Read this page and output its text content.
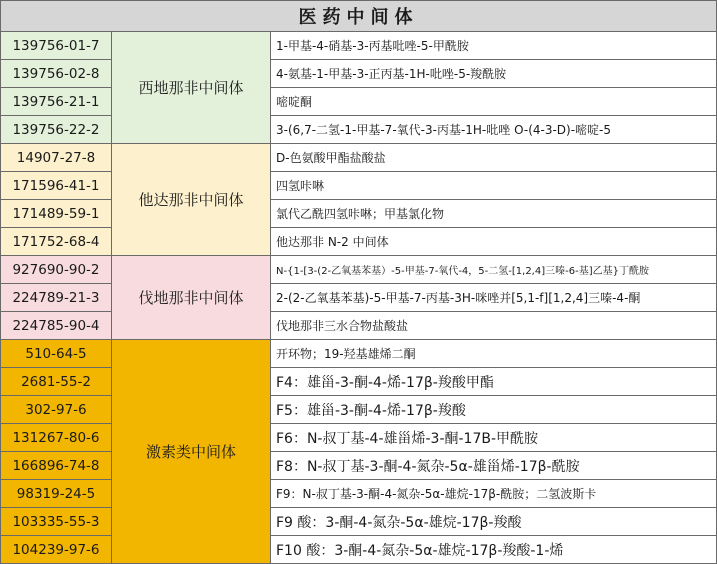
医药中间体		
139756-01-7	西地那非中间体	1-甲基-4-硝基-3-丙基吡唑-5-甲酰胺
139756-02-8		4-氨基-1-甲基-3-正丙基-1H-吡唑-5-羧酰胺
139756-21-1		嘧啶酮
139756-22-2		3-(6,7-二氢-1-甲基-7-氧代-3-丙基-1H-吡唑 O-(4-3-D)-嘧啶-5
14907-27-8	他达那非中间体	D-色氨酸甲酯盐酸盐
171596-41-1		四氢咔啉
171489-59-1		氯代乙酰四氢咔啉；甲基氯化物
171752-68-4		他达那非 N-2 中间体
927690-90-2	伐地那非中间体	N-{1-[3-(2-乙氧基苯基）-5-甲基-7-氧代-4，5-二氢-[1,2,4]三嗪-6-基]乙基}丁酰胺
224789-21-3		2-(2-乙氧基苯基)-5-甲基-7-丙基-3H-咪唑并[5,1-f][1,2,4]三嗪-4-酮
224785-90-4		伐地那非三水合物盐酸盐
510-64-5	激素类中间体	开环物；19-羟基雄烯二酮
2681-55-2		F4：雄甾-3-酮-4-烯-17β-羧酸甲酯
302-97-6		F5：雄甾-3-酮-4-烯-17β-羧酸
131267-80-6		F6：N-叔丁基-4-雄甾烯-3-酮-17Β-甲酰胺
166896-74-8		F8：N-叔丁基-3-酮-4-氮杂-5α-雄甾烯-17β-酰胺
98319-24-5		F9：N-叔丁基-3-酮-4-氮杂-5α-雄烷-17β-酰胺；二氢波斯卡
103335-55-3		F9 酸：3-酮-4-氮杂-5α-雄烷-17β-羧酸
104239-97-6		F10 酸：3-酮-4-氮杂-5α-雄烷-17β-羧酸-1-烯
